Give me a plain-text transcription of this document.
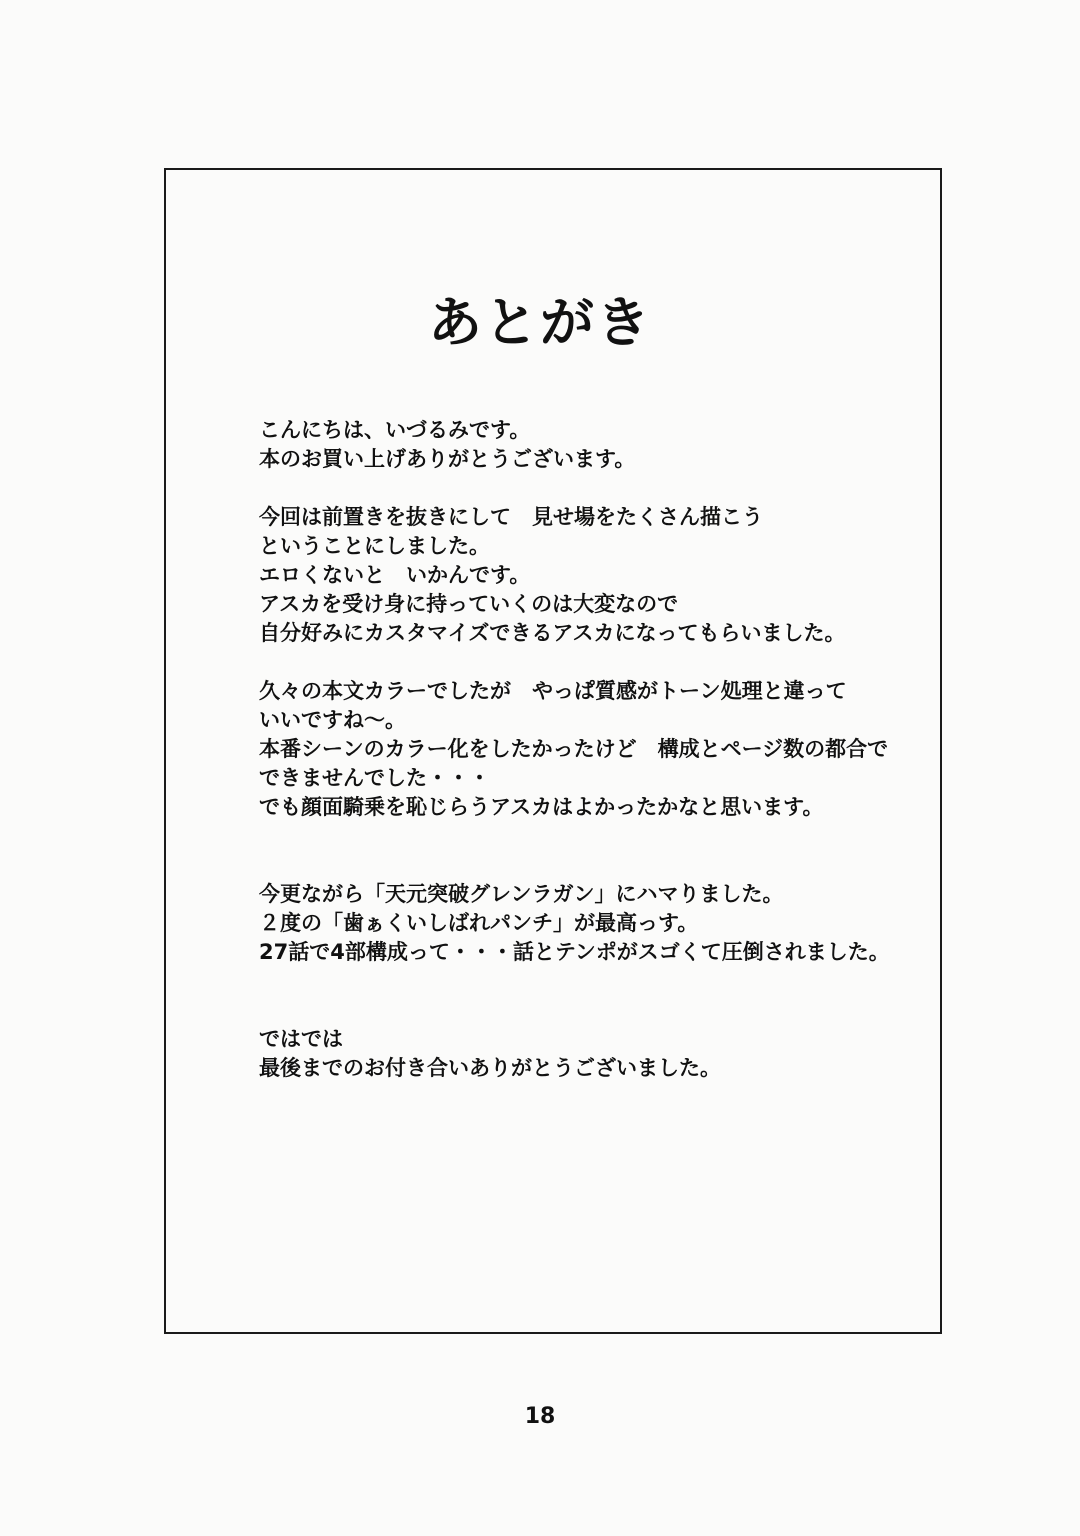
あとがき
こんにちは、いづるみです。
本のお買い上げありがとうございます。
今回は前置きを抜きにして　見せ場をたくさん描こう
ということにしました。
エロくないと　いかんです。
アスカを受け身に持っていくのは大変なので
自分好みにカスタマイズできるアスカになってもらいました。
久々の本文カラーでしたが　やっぱ質感がトーン処理と違って
いいですね～。
本番シーンのカラー化をしたかったけど　構成とページ数の都合で
できませんでした・・・
でも顔面騎乗を恥じらうアスカはよかったかなと思います。
今更ながら「天元突破グレンラガン」にハマりました。
２度の「歯ぁくいしばれパンチ」が最高っす。
27話で4部構成って・・・話とテンポがスゴくて圧倒されました。
ではでは
最後までのお付き合いありがとうございました。
18
